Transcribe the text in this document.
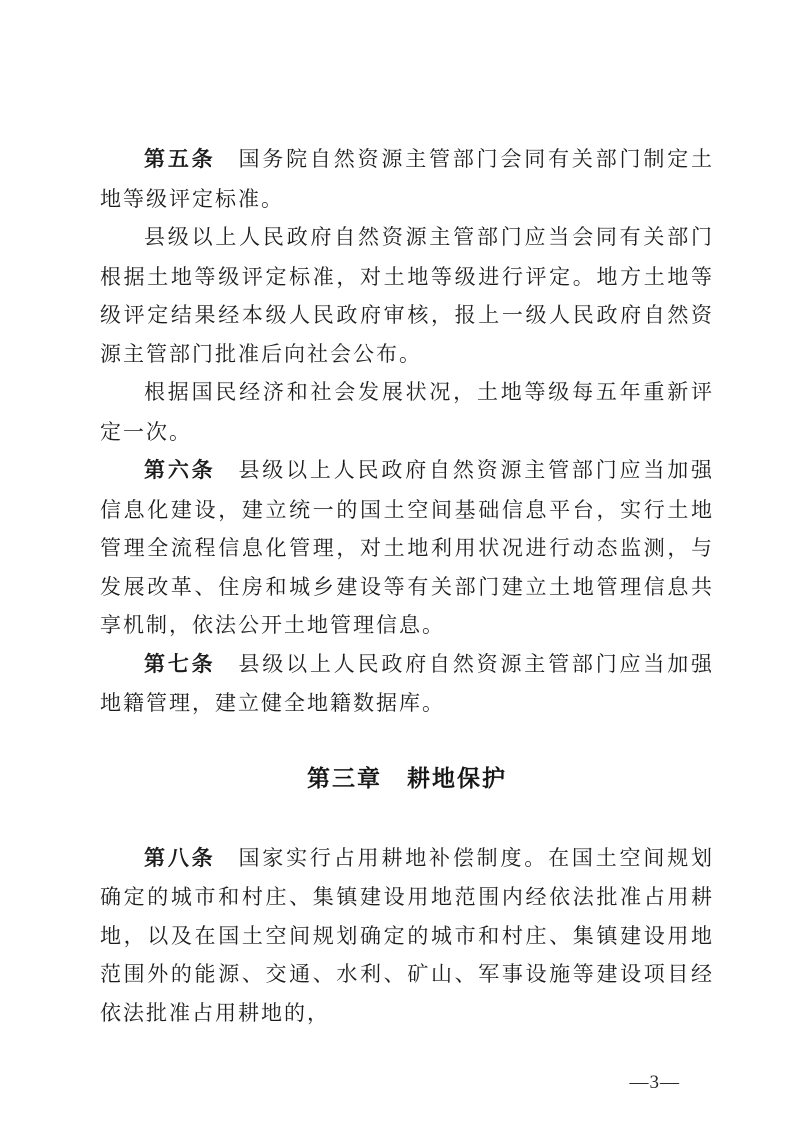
第五条 国务院自然资源主管部门会同有关部门制定土地等级评定标准。

县级以上人民政府自然资源主管部门应当会同有关部门根据土地等级评定标准，对土地等级进行评定。地方土地等级评定结果经本级人民政府审核，报上一级人民政府自然资源主管部门批准后向社会公布。

根据国民经济和社会发展状况，土地等级每五年重新评定一次。

第六条 县级以上人民政府自然资源主管部门应当加强信息化建设，建立统一的国土空间基础信息平台，实行土地管理全流程信息化管理，对土地利用状况进行动态监测，与发展改革、住房和城乡建设等有关部门建立土地管理信息共享机制，依法公开土地管理信息。

第七条 县级以上人民政府自然资源主管部门应当加强地籍管理，建立健全地籍数据库。

第三章　耕地保护

第八条 国家实行占用耕地补偿制度。在国土空间规划确定的城市和村庄、集镇建设用地范围内经依法批准占用耕地，以及在国土空间规划确定的城市和村庄、集镇建设用地范围外的能源、交通、水利、矿山、军事设施等建设项目经依法批准占用耕地的，

—3—
